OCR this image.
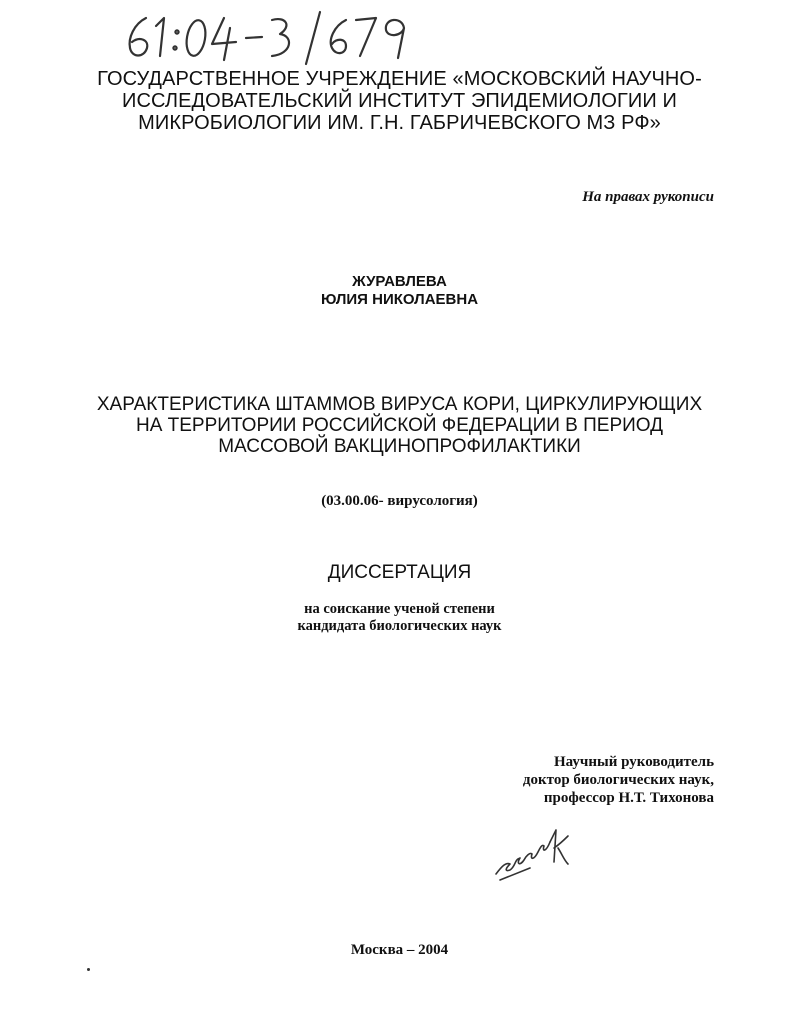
ГОСУДАРСТВЕННОЕ УЧРЕЖДЕНИЕ «МОСКОВСКИЙ НАУЧНО-
ИССЛЕДОВАТЕЛЬСКИЙ ИНСТИТУТ ЭПИДЕМИОЛОГИИ И
МИКРОБИОЛОГИИ ИМ. Г.Н. ГАБРИЧЕВСКОГО МЗ РФ»
На правах рукописи
ЖУРАВЛЕВА
ЮЛИЯ НИКОЛАЕВНА
ХАРАКТЕРИСТИКА ШТАММОВ ВИРУСА КОРИ, ЦИРКУЛИРУЮЩИХ
НА ТЕРРИТОРИИ РОССИЙСКОЙ ФЕДЕРАЦИИ В ПЕРИОД
МАССОВОЙ ВАКЦИНОПРОФИЛАКТИКИ
(03.00.06- вирусология)
ДИССЕРТАЦИЯ
на соискание ученой степени
кандидата биологических наук
Научный руководитель
доктор биологических наук,
профессор Н.Т. Тихонова
Москва – 2004
